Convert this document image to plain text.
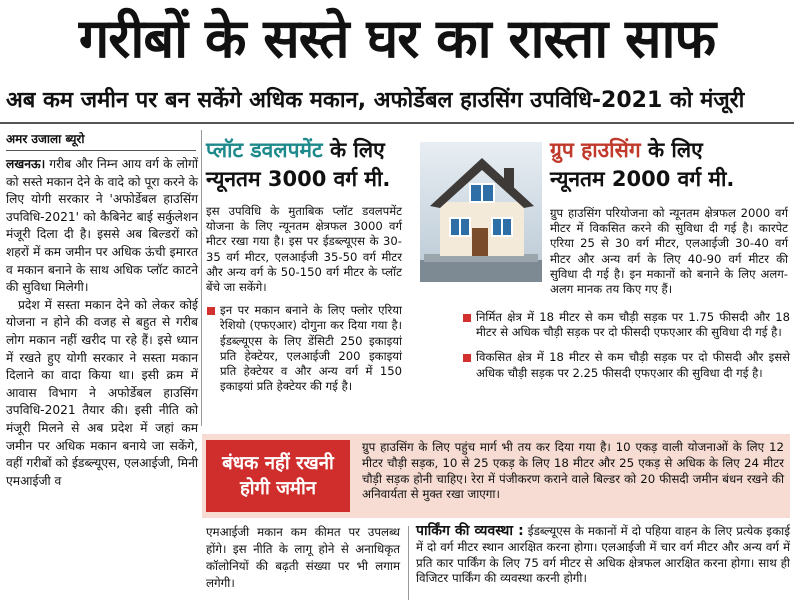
गरीबों के सस्ते घर का रास्ता साफ
अब कम जमीन पर बन सकेंगे अधिक मकान, अफोर्डेबल हाउसिंग उपविधि-2021 को मंजूरी
अमर उजाला ब्यूरो

लखनऊ। गरीब और निम्न आय वर्ग के लोगों को सस्ते मकान देने के वादे को पूरा करने के लिए योगी सरकार ने 'अफोर्डेबल हाउसिंग उपविधि-2021' को कैबिनेट बाई सर्कुलेशन मंजूरी दिला दी है। इससे अब बिल्डरों को शहरों में कम जमीन पर अधिक ऊंची इमारत व मकान बनाने के साथ अधिक प्लॉट काटने की सुविधा मिलेगी।

प्रदेश में सस्ता मकान देने को लेकर कोई योजना न होने की वजह से बहुत से गरीब लोग मकान नहीं खरीद पा रहे हैं। इसे ध्यान में रखते हुए योगी सरकार ने सस्ता मकान दिलाने का वादा किया था। इसी क्रम में आवास विभाग ने अफोर्डेबल हाउसिंग उपविधि-2021 तैयार की। इसी नीति को मंजूरी मिलने से अब प्रदेश में जहां कम जमीन पर अधिक मकान बनाये जा सकेंगे, वहीं गरीबों को ईडब्ल्यूएस, एलआईजी, मिनी एमआईजी व

प्लॉट डवलपमेंट के लिए
न्यूनतम 3000 वर्ग मी.
इस उपविधि के मुताबिक प्लॉट डवलपमेंट योजना के लिए न्यूनतम क्षेत्रफल 3000 वर्ग मीटर रखा गया है। इस पर ईडब्ल्यूएस के 30-35 वर्ग मीटर, एलआईजी 35-50 वर्ग मीटर और अन्य वर्ग के 50-150 वर्ग मीटर के प्लॉट बेंचे जा सकेंगे।
इन पर मकान बनाने के लिए फ्लोर एरिया रेशियो (एफएआर) दोगुना कर दिया गया है। ईडब्ल्यूएस के लिए डेंसिटी 250 इकाइयां प्रति हेक्टेयर, एलआईजी 200 इकाइयां प्रति हेक्टेयर व और अन्य वर्ग में 150 इकाइयां प्रति हेक्टेयर की गई है।
ग्रुप हाउसिंग के लिए
न्यूनतम 2000 वर्ग मी.
ग्रुप हाउसिंग परियोजना को न्यूनतम क्षेत्रफल 2000 वर्ग मीटर में विकसित करने की सुविधा दी गई है। कारपेट एरिया 25 से 30 वर्ग मीटर, एलआईजी 30-40 वर्ग मीटर और अन्य वर्ग के लिए 40-90 वर्ग मीटर की सुविधा दी गई है। इन मकानों को बनाने के लिए अलग-अलग मानक तय किए गए हैं।
निर्मित क्षेत्र में 18 मीटर से कम चौड़ी सड़क पर 1.75 फीसदी और 18 मीटर से अधिक चौड़ी सड़क पर दो फीसदी एफएआर की सुविधा दी गई है।
विकसित क्षेत्र में 18 मीटर से कम चौड़ी सड़क पर दो फीसदी और इससे अधिक चौड़ी सड़क पर 2.25 फीसदी एफएआर की सुविधा दी गई है।
बंधक नहीं रखनी
होगी जमीन
ग्रुप हाउसिंग के लिए पहुंच मार्ग भी तय कर दिया गया है। 10 एकड़ वाली योजनाओं के लिए 12 मीटर चौड़ी सड़क, 10 से 25 एकड़ के लिए 18 मीटर और 25 एकड़ से अधिक के लिए 24 मीटर चौड़ी सड़क होनी चाहिए। रेरा में पंजीकरण कराने वाले बिल्डर को 20 फीसदी जमीन बंधन रखने की अनिवार्यता से मुक्त रखा जाएगा।
एमआईजी मकान कम कीमत पर उपलब्ध होंगे। इस नीति के लागू होने से अनाधिकृत कॉलोनियों की बढ़ती संख्या पर भी लगाम लगेगी।
पार्किंग की व्यवस्था : ईडब्ल्यूएस के मकानों में दो पहिया वाहन के लिए प्रत्येक इकाई में दो वर्ग मीटर स्थान आरक्षित करना होगा। एलआईजी में चार वर्ग मीटर और अन्य वर्ग में प्रति कार पार्किंग के लिए 75 वर्ग मीटर से अधिक क्षेत्रफल आरक्षित करना होगा। साथ ही विजिटर पार्किंग की व्यवस्था करनी होगी।
